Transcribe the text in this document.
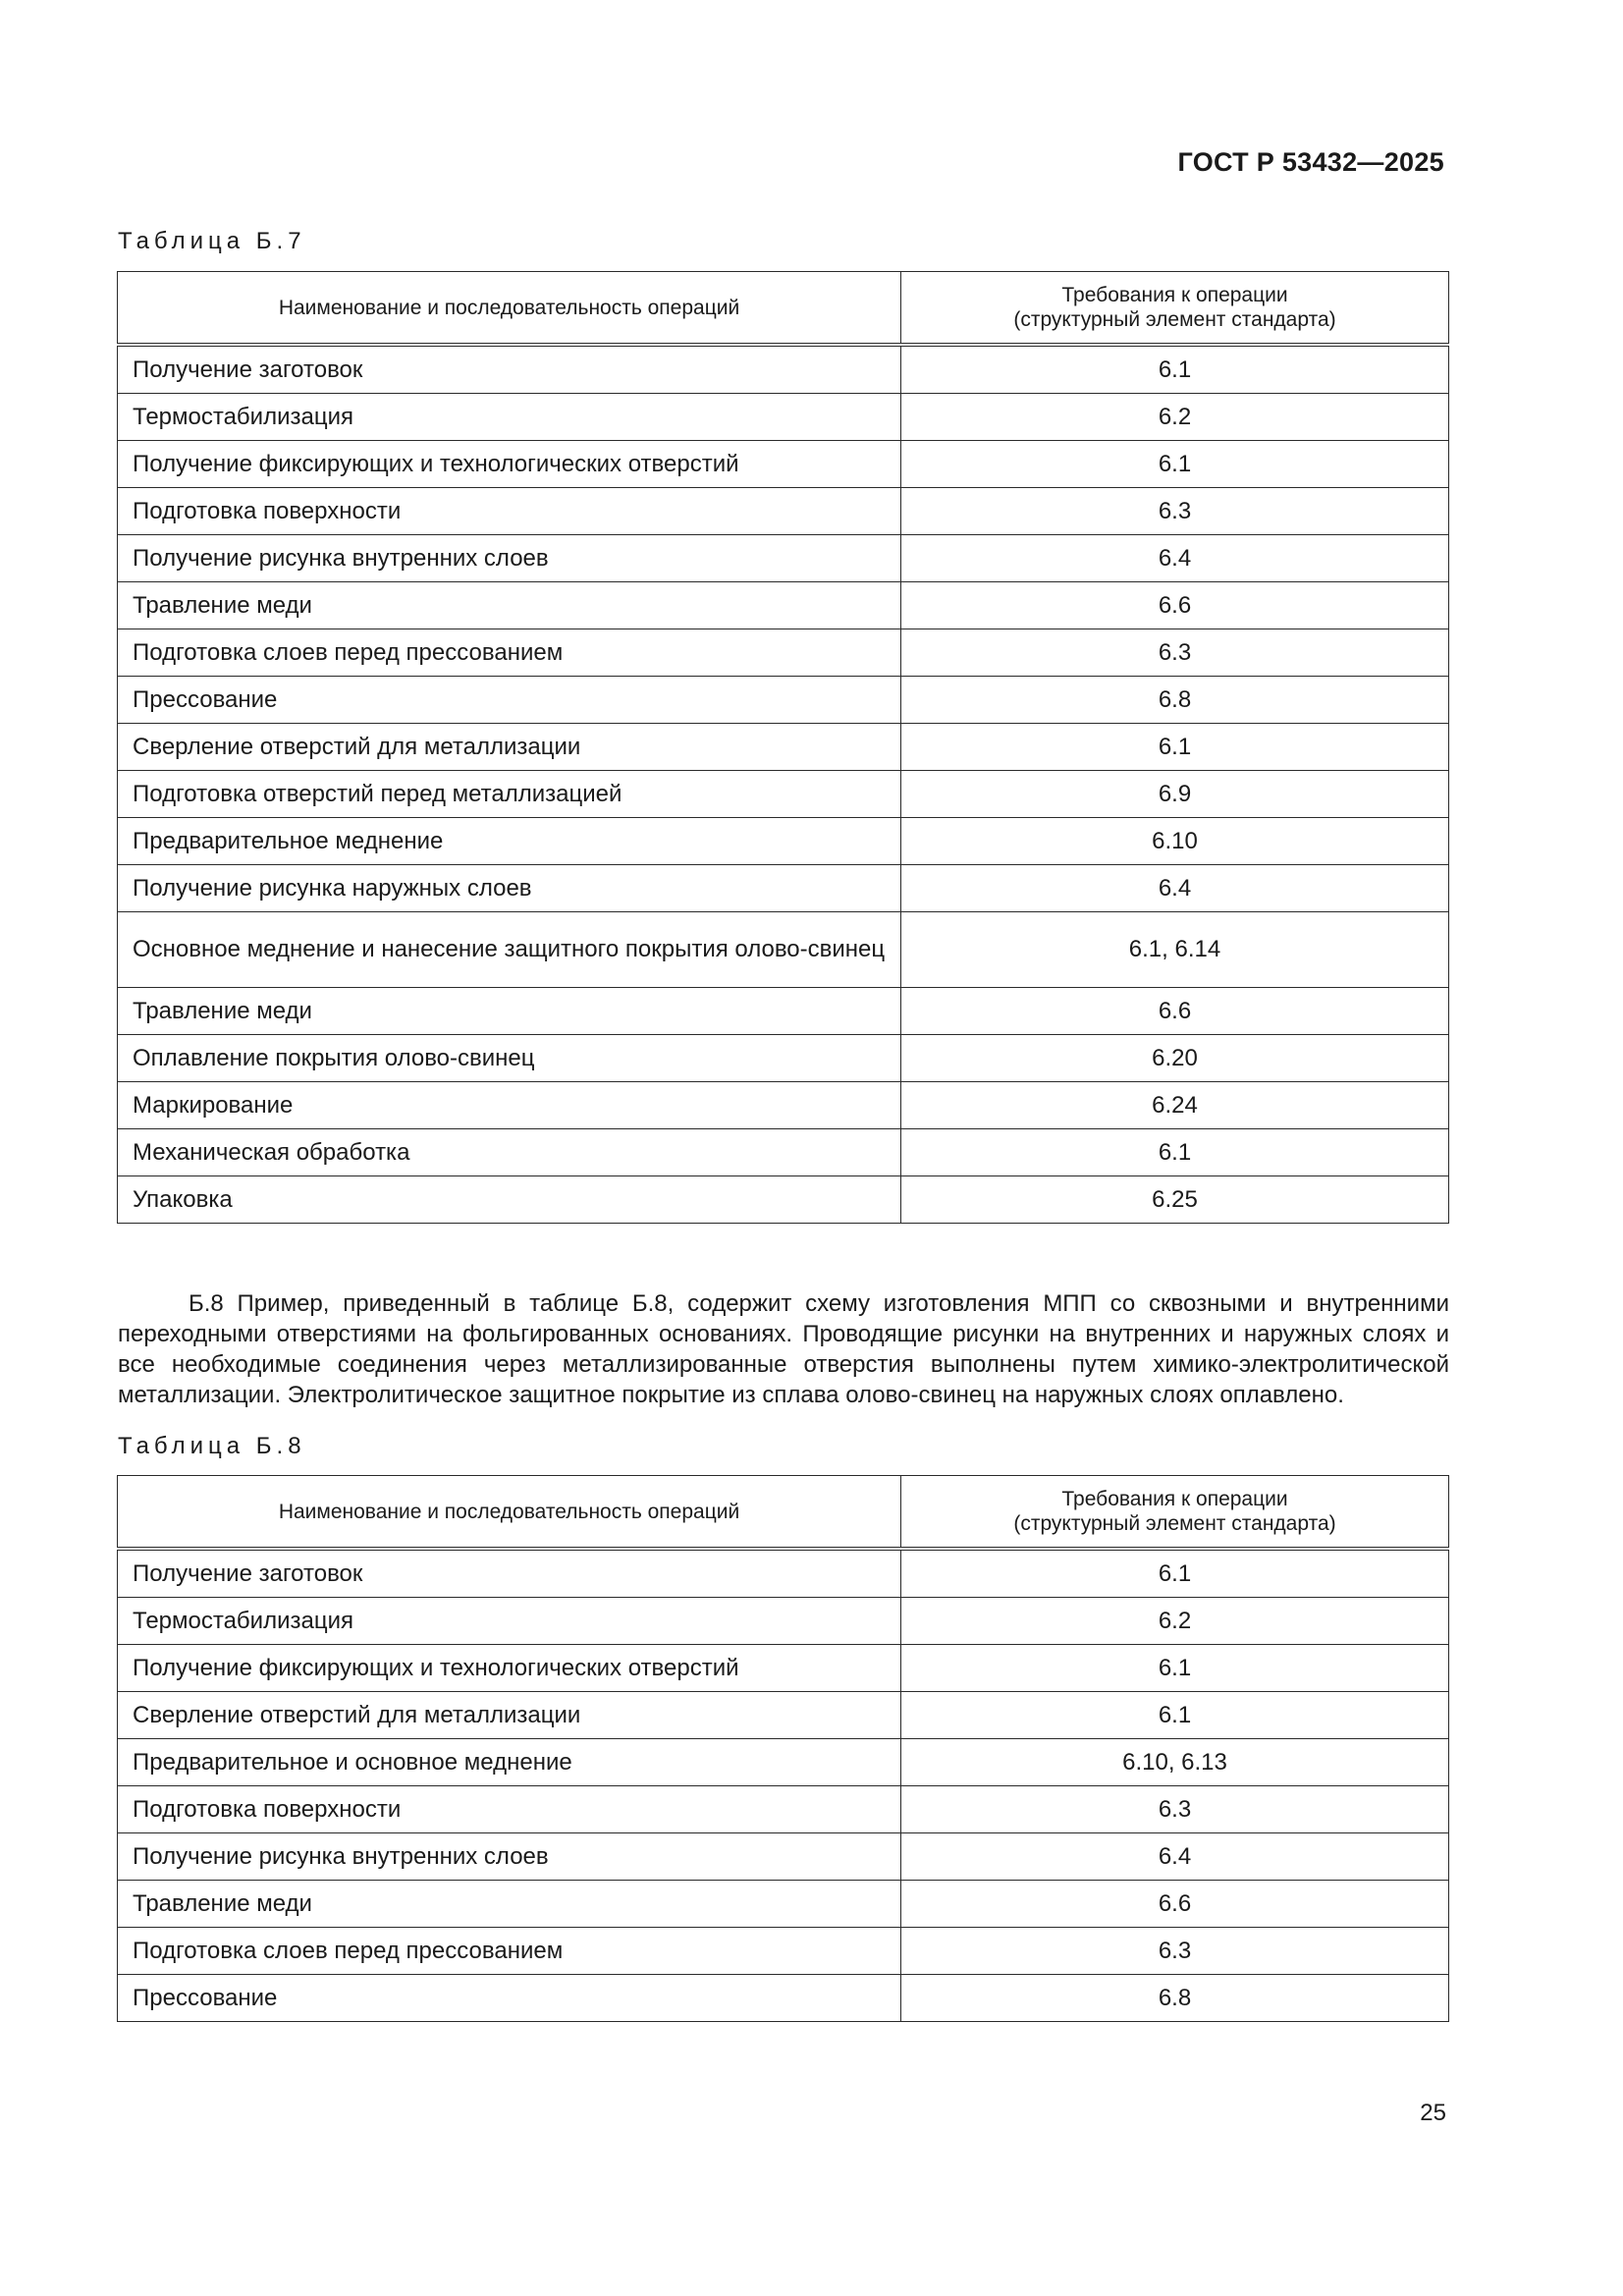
ГОСТ Р 53432—2025
Таблица Б.7
Наименование и последовательность операций	Требования к операции
(структурный элемент стандарта)
Получение заготовок	6.1
Термостабилизация	6.2
Получение фиксирующих и технологических отверстий	6.1
Подготовка поверхности	6.3
Получение рисунка внутренних слоев	6.4
Травление меди	6.6
Подготовка слоев перед прессованием	6.3
Прессование	6.8
Сверление отверстий для металлизации	6.1
Подготовка отверстий перед металлизацией	6.9
Предварительное меднение	6.10
Получение рисунка наружных слоев	6.4
Основное меднение и нанесение защитного покрытия олово-свинец	6.1, 6.14
Травление меди	6.6
Оплавление покрытия олово-свинец	6.20
Маркирование	6.24
Механическая обработка	6.1
Упаковка	6.25

Б.8 Пример, приведенный в таблице Б.8, содержит схему изготовления МПП со сквозными и внутренними переходными отверстиями на фольгированных основаниях. Проводящие рисунки на внутренних и наружных слоях и все необходимые соединения через металлизированные отверстия выполнены путем химико-электролитической металлизации. Электролитическое защитное покрытие из сплава олово-свинец на наружных слоях оплавлено.

Таблица Б.8
Наименование и последовательность операций	Требования к операции
(структурный элемент стандарта)
Получение заготовок	6.1
Термостабилизация	6.2
Получение фиксирующих и технологических отверстий	6.1
Сверление отверстий для металлизации	6.1
Предварительное и основное меднение	6.10, 6.13
Подготовка поверхности	6.3
Получение рисунка внутренних слоев	6.4
Травление меди	6.6
Подготовка слоев перед прессованием	6.3
Прессование	6.8
25
